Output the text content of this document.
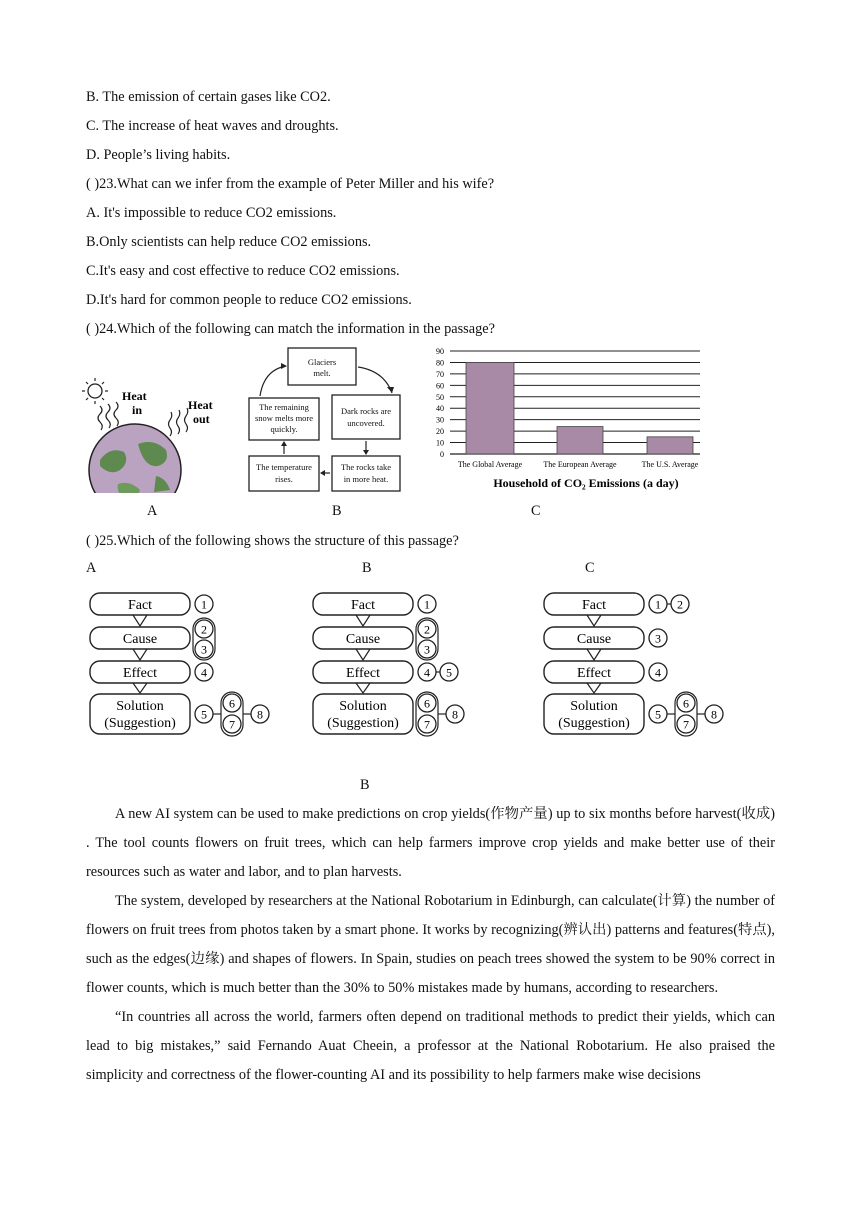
B. The emission of certain gases like CO2.
C. The increase of heat waves and droughts.
D. People’s living habits.
( )23.What can we infer from the example of Peter Miller and his wife?
A. It's impossible to reduce CO2 emissions.
B.Only scientists can help reduce CO2 emissions.
C.It's easy and cost effective to reduce CO2 emissions.
D.It's hard for common people to reduce CO2 emissions.
( )24.Which of the following can match the information in the passage?
Heat
in	Heat
out
A
Glaciers
melt.
Dark rocks are
uncovered.
The rocks take
in more heat.
The temperature
rises.
The remaining
snow melts more
quickly.
B
0
10
20
30
40
50
60
70
80
90
The Global Average	The European Average	The U.S. Average
Household of CO₂ Emissions (a day)
C
( )25.Which of the following shows the structure of this passage?
A	B	C
Fact	1
Cause
2
3
Effect	4
Solution
(Suggestion)
5
6
7
8
Fact	1
Cause
2
3
Effect	4 5
Solution
(Suggestion)
6
7
8
Fact	1 2
Cause	3
Effect	4
Solution
(Suggestion)
5
6
7
8
B

A new AI system can be used to make predictions on crop yields(作物产量) up to six months before harvest(收成) . The tool counts flowers on fruit trees, which can help farmers improve crop yields and make better use of their resources such as water and labor, and to plan harvests.

The system, developed by researchers at the National Robotarium in Edinburgh, can calculate(计算) the number of flowers on fruit trees from photos taken by a smart phone. It works by recognizing(辨认出) patterns and features(特点), such as the edges(边缘) and shapes of flowers. In Spain, studies on peach trees showed the system to be 90% correct in flower counts, which is much better than the 30% to 50% mistakes made by humans, according to researchers.

“In countries all across the world, farmers often depend on traditional methods to predict their yields, which can lead to big mistakes,” said Fernando Auat Cheein, a professor at the National Robotarium. He also praised the simplicity and correctness of the flower-counting AI and its possibility to help farmers make wise decisions
